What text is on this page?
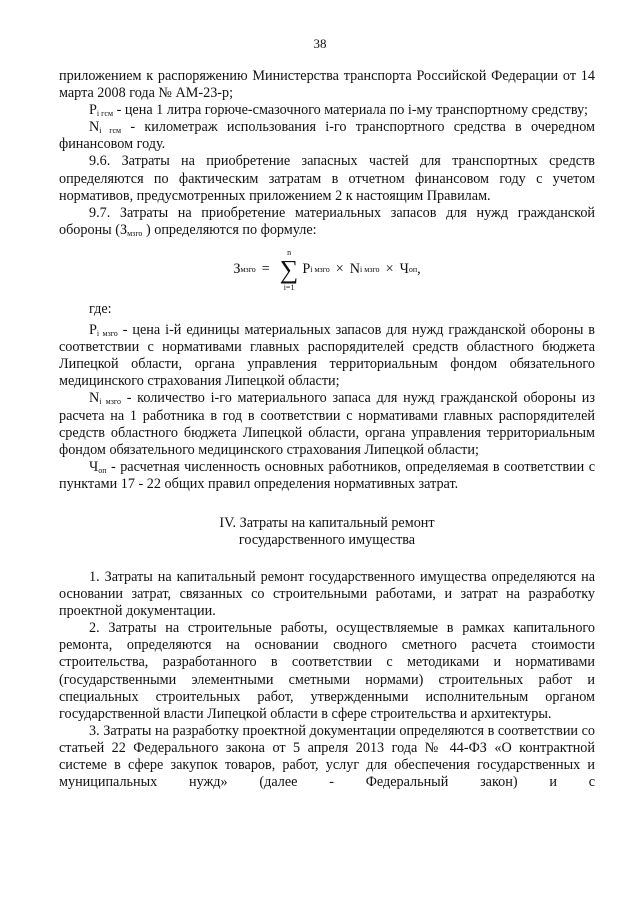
38

приложением к распоряжению Министерства транспорта Российской Федерации от 14 марта 2008 года № АМ-23-р;

$P_{i гсм}$ - цена 1 литра горюче-смазочного материала по i-му транспортному средству;

$N_{i гсм}$ - километраж использования i-го транспортного средства в очередном финансовом году.

9.6. Затраты на приобретение запасных частей для транспортных средств определяются по фактическим затратам в отчетном финансовом году с учетом нормативов, предусмотренных приложением 2 к настоящим Правилам.

9.7. Затраты на приобретение материальных запасов для нужд гражданской обороны ($З_{мзго}$ ) определяются по формуле:

З мзго =
n
∑
i=1
P i мзго × N i мзго × Ч оп ,

где:

$P_{i мзго}$ - цена i-й единицы материальных запасов для нужд гражданской обороны в соответствии с нормативами главных распорядителей средств областного бюджета Липецкой области, органа управления территориальным фондом обязательного медицинского страхования Липецкой области;

$N_{i мзго}$ - количество i-го материального запаса для нужд гражданской обороны из расчета на 1 работника в год в соответствии с нормативами главных распорядителей средств областного бюджета Липецкой области, органа управления территориальным фондом обязательного медицинского страхования Липецкой области;

$Ч_{оп}$ - расчетная численность основных работников, определяемая в соответствии с пунктами 17 - 22 общих правил определения нормативных затрат.

IV. Затраты на капитальный ремонт
государственного имущества

1. Затраты на капитальный ремонт государственного имущества определяются на основании затрат, связанных со строительными работами, и затрат на разработку проектной документации.

2. Затраты на строительные работы, осуществляемые в рамках капитального ремонта, определяются на основании сводного сметного расчета стоимости строительства, разработанного в соответствии с методиками и нормативами (государственными элементными сметными нормами) строительных работ и специальных строительных работ, утвержденными исполнительным органом государственной власти Липецкой области в сфере строительства и архитектуры.

3. Затраты на разработку проектной документации определяются в соответствии со статьей 22 Федерального закона от 5 апреля 2013 года № 44-ФЗ «О контрактной системе в сфере закупок товаров, работ, услуг для обеспечения государственных и муниципальных нужд» (далее - Федеральный закон) и с
